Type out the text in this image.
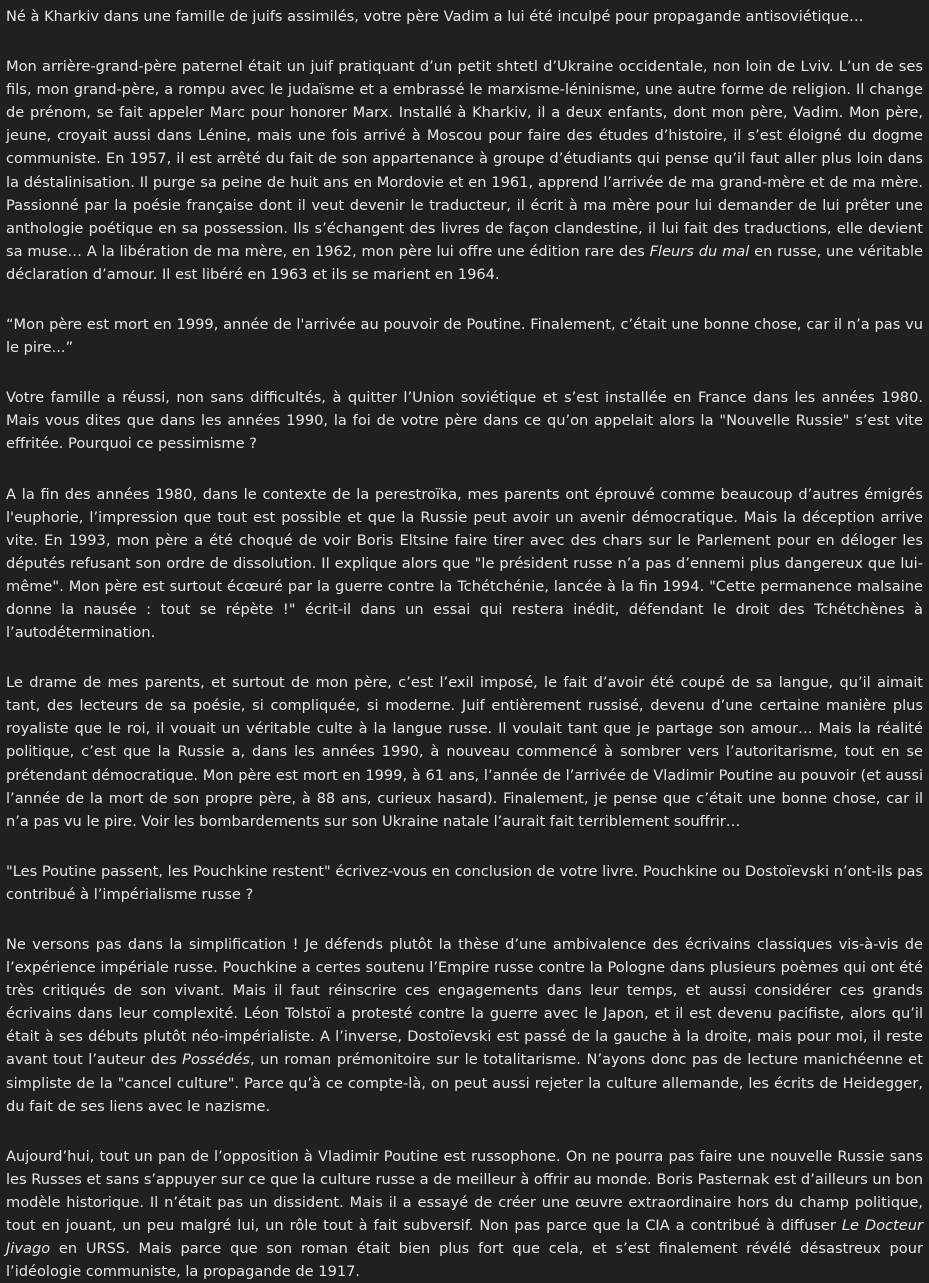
Né à Kharkiv dans une famille de juifs assimilés, votre père Vadim a lui été inculpé pour propagande antisoviétique…

Mon arrière-grand-père paternel était un juif pratiquant d’un petit shtetl d’Ukraine occidentale, non loin de Lviv. L’un de ses fils, mon grand-père, a rompu avec le judaïsme et a embrassé le marxisme-léninisme, une autre forme de religion. Il change de prénom, se fait appeler Marc pour honorer Marx. Installé à Kharkiv, il a deux enfants, dont mon père, Vadim. Mon père, jeune, croyait aussi dans Lénine, mais une fois arrivé à Moscou pour faire des études d’histoire, il s’est éloigné du dogme communiste. En 1957, il est arrêté du fait de son appartenance à groupe d’étudiants qui pense qu’il faut aller plus loin dans la déstalinisation. Il purge sa peine de huit ans en Mordovie et en 1961, apprend l’arrivée de ma grand-mère et de ma mère. Passionné par la poésie française dont il veut devenir le traducteur, il écrit à ma mère pour lui demander de lui prêter une anthologie poétique en sa possession. Ils s’échangent des livres de façon clandestine, il lui fait des traductions, elle devient sa muse… A la libération de ma mère, en 1962, mon père lui offre une édition rare des Fleurs du mal en russe, une véritable déclaration d’amour. Il est libéré en 1963 et ils se marient en 1964.

“Mon père est mort en 1999, année de l'arrivée au pouvoir de Poutine. Finalement, c’était une bonne chose, car il n’a pas vu le pire...”

Votre famille a réussi, non sans difficultés, à quitter l’Union soviétique et s’est installée en France dans les années 1980. Mais vous dites que dans les années 1990, la foi de votre père dans ce qu’on appelait alors la "Nouvelle Russie" s’est vite effritée. Pourquoi ce pessimisme ?

A la fin des années 1980, dans le contexte de la perestroïka, mes parents ont éprouvé comme beaucoup d’autres émigrés l'euphorie, l’impression que tout est possible et que la Russie peut avoir un avenir démocratique. Mais la déception arrive vite. En 1993, mon père a été choqué de voir Boris Eltsine faire tirer avec des chars sur le Parlement pour en déloger les députés refusant son ordre de dissolution. Il explique alors que "le président russe n’a pas d’ennemi plus dangereux que lui-même". Mon père est surtout écœuré par la guerre contre la Tchétchénie, lancée à la fin 1994. "Cette permanence malsaine donne la nausée : tout se répète !" écrit-il dans un essai qui restera inédit, défendant le droit des Tchétchènes à l’autodétermination.

Le drame de mes parents, et surtout de mon père, c’est l’exil imposé, le fait d’avoir été coupé de sa langue, qu’il aimait tant, des lecteurs de sa poésie, si compliquée, si moderne. Juif entièrement russisé, devenu d’une certaine manière plus royaliste que le roi, il vouait un véritable culte à la langue russe. Il voulait tant que je partage son amour… Mais la réalité politique, c’est que la Russie a, dans les années 1990, à nouveau commencé à sombrer vers l’autoritarisme, tout en se prétendant démocratique. Mon père est mort en 1999, à 61 ans, l’année de l’arrivée de Vladimir Poutine au pouvoir (et aussi l’année de la mort de son propre père, à 88 ans, curieux hasard). Finalement, je pense que c’était une bonne chose, car il n’a pas vu le pire. Voir les bombardements sur son Ukraine natale l’aurait fait terriblement souffrir…

"Les Poutine passent, les Pouchkine restent" écrivez-vous en conclusion de votre livre. Pouchkine ou Dostoïevski n’ont-ils pas contribué à l’impérialisme russe ?

Ne versons pas dans la simplification ! Je défends plutôt la thèse d’une ambivalence des écrivains classiques vis-à-vis de l’expérience impériale russe. Pouchkine a certes soutenu l’Empire russe contre la Pologne dans plusieurs poèmes qui ont été très critiqués de son vivant. Mais il faut réinscrire ces engagements dans leur temps, et aussi considérer ces grands écrivains dans leur complexité. Léon Tolstoï a protesté contre la guerre avec le Japon, et il est devenu pacifiste, alors qu’il était à ses débuts plutôt néo-impérialiste. A l’inverse, Dostoïevski est passé de la gauche à la droite, mais pour moi, il reste avant tout l’auteur des Possédés, un roman prémonitoire sur le totalitarisme. N’ayons donc pas de lecture manichéenne et simpliste de la "cancel culture". Parce qu’à ce compte-là, on peut aussi rejeter la culture allemande, les écrits de Heidegger, du fait de ses liens avec le nazisme.

Aujourd’hui, tout un pan de l’opposition à Vladimir Poutine est russophone. On ne pourra pas faire une nouvelle Russie sans les Russes et sans s’appuyer sur ce que la culture russe a de meilleur à offrir au monde. Boris Pasternak est d’ailleurs un bon modèle historique. Il n’était pas un dissident. Mais il a essayé de créer une œuvre extraordinaire hors du champ politique, tout en jouant, un peu malgré lui, un rôle tout à fait subversif. Non pas parce que la CIA a contribué à diffuser Le Docteur Jivago en URSS. Mais parce que son roman était bien plus fort que cela, et s’est finalement révélé désastreux pour l’idéologie communiste, la propagande de 1917.
